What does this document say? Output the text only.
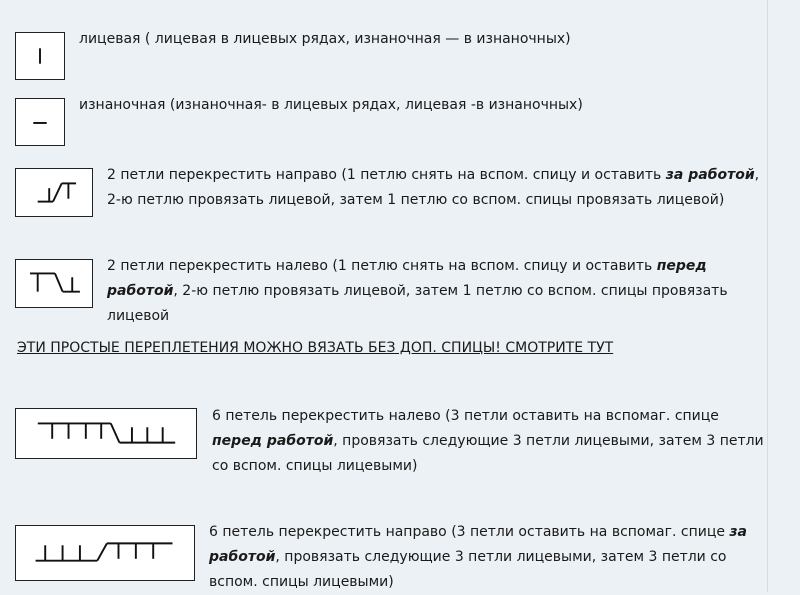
лицевая ( лицевая в лицевых рядах, изнаночная — в изнаночных)
изнаночная (изнаночная- в лицевых рядах, лицевая -в изнаночных)
2 петли перекрестить направо (1 петлю снять на вспом. спицу и оставить за работой, 2-ю петлю провязать лицевой, затем 1 петлю со вспом. спицы провязать лицевой)
2 петли перекрестить налево (1 петлю снять на вспом. спицу и оставить перед работой, 2-ю петлю провязать лицевой, затем 1 петлю со вспом. спицы провязать лицевой
ЭТИ ПРОСТЫЕ ПЕРЕПЛЕТЕНИЯ МОЖНО ВЯЗАТЬ БЕЗ ДОП. СПИЦЫ! СМОТРИТЕ ТУТ
6 петель перекрестить налево (3 петли оставить на вспомаг. спице перед работой, провязать следующие 3 петли лицевыми, затем 3 петли со вспом. спицы лицевыми)
6 петель перекрестить направо (3 петли оставить на вспомаг. спице за работой, провязать следующие 3 петли лицевыми, затем 3 петли со вспом. спицы лицевыми)
